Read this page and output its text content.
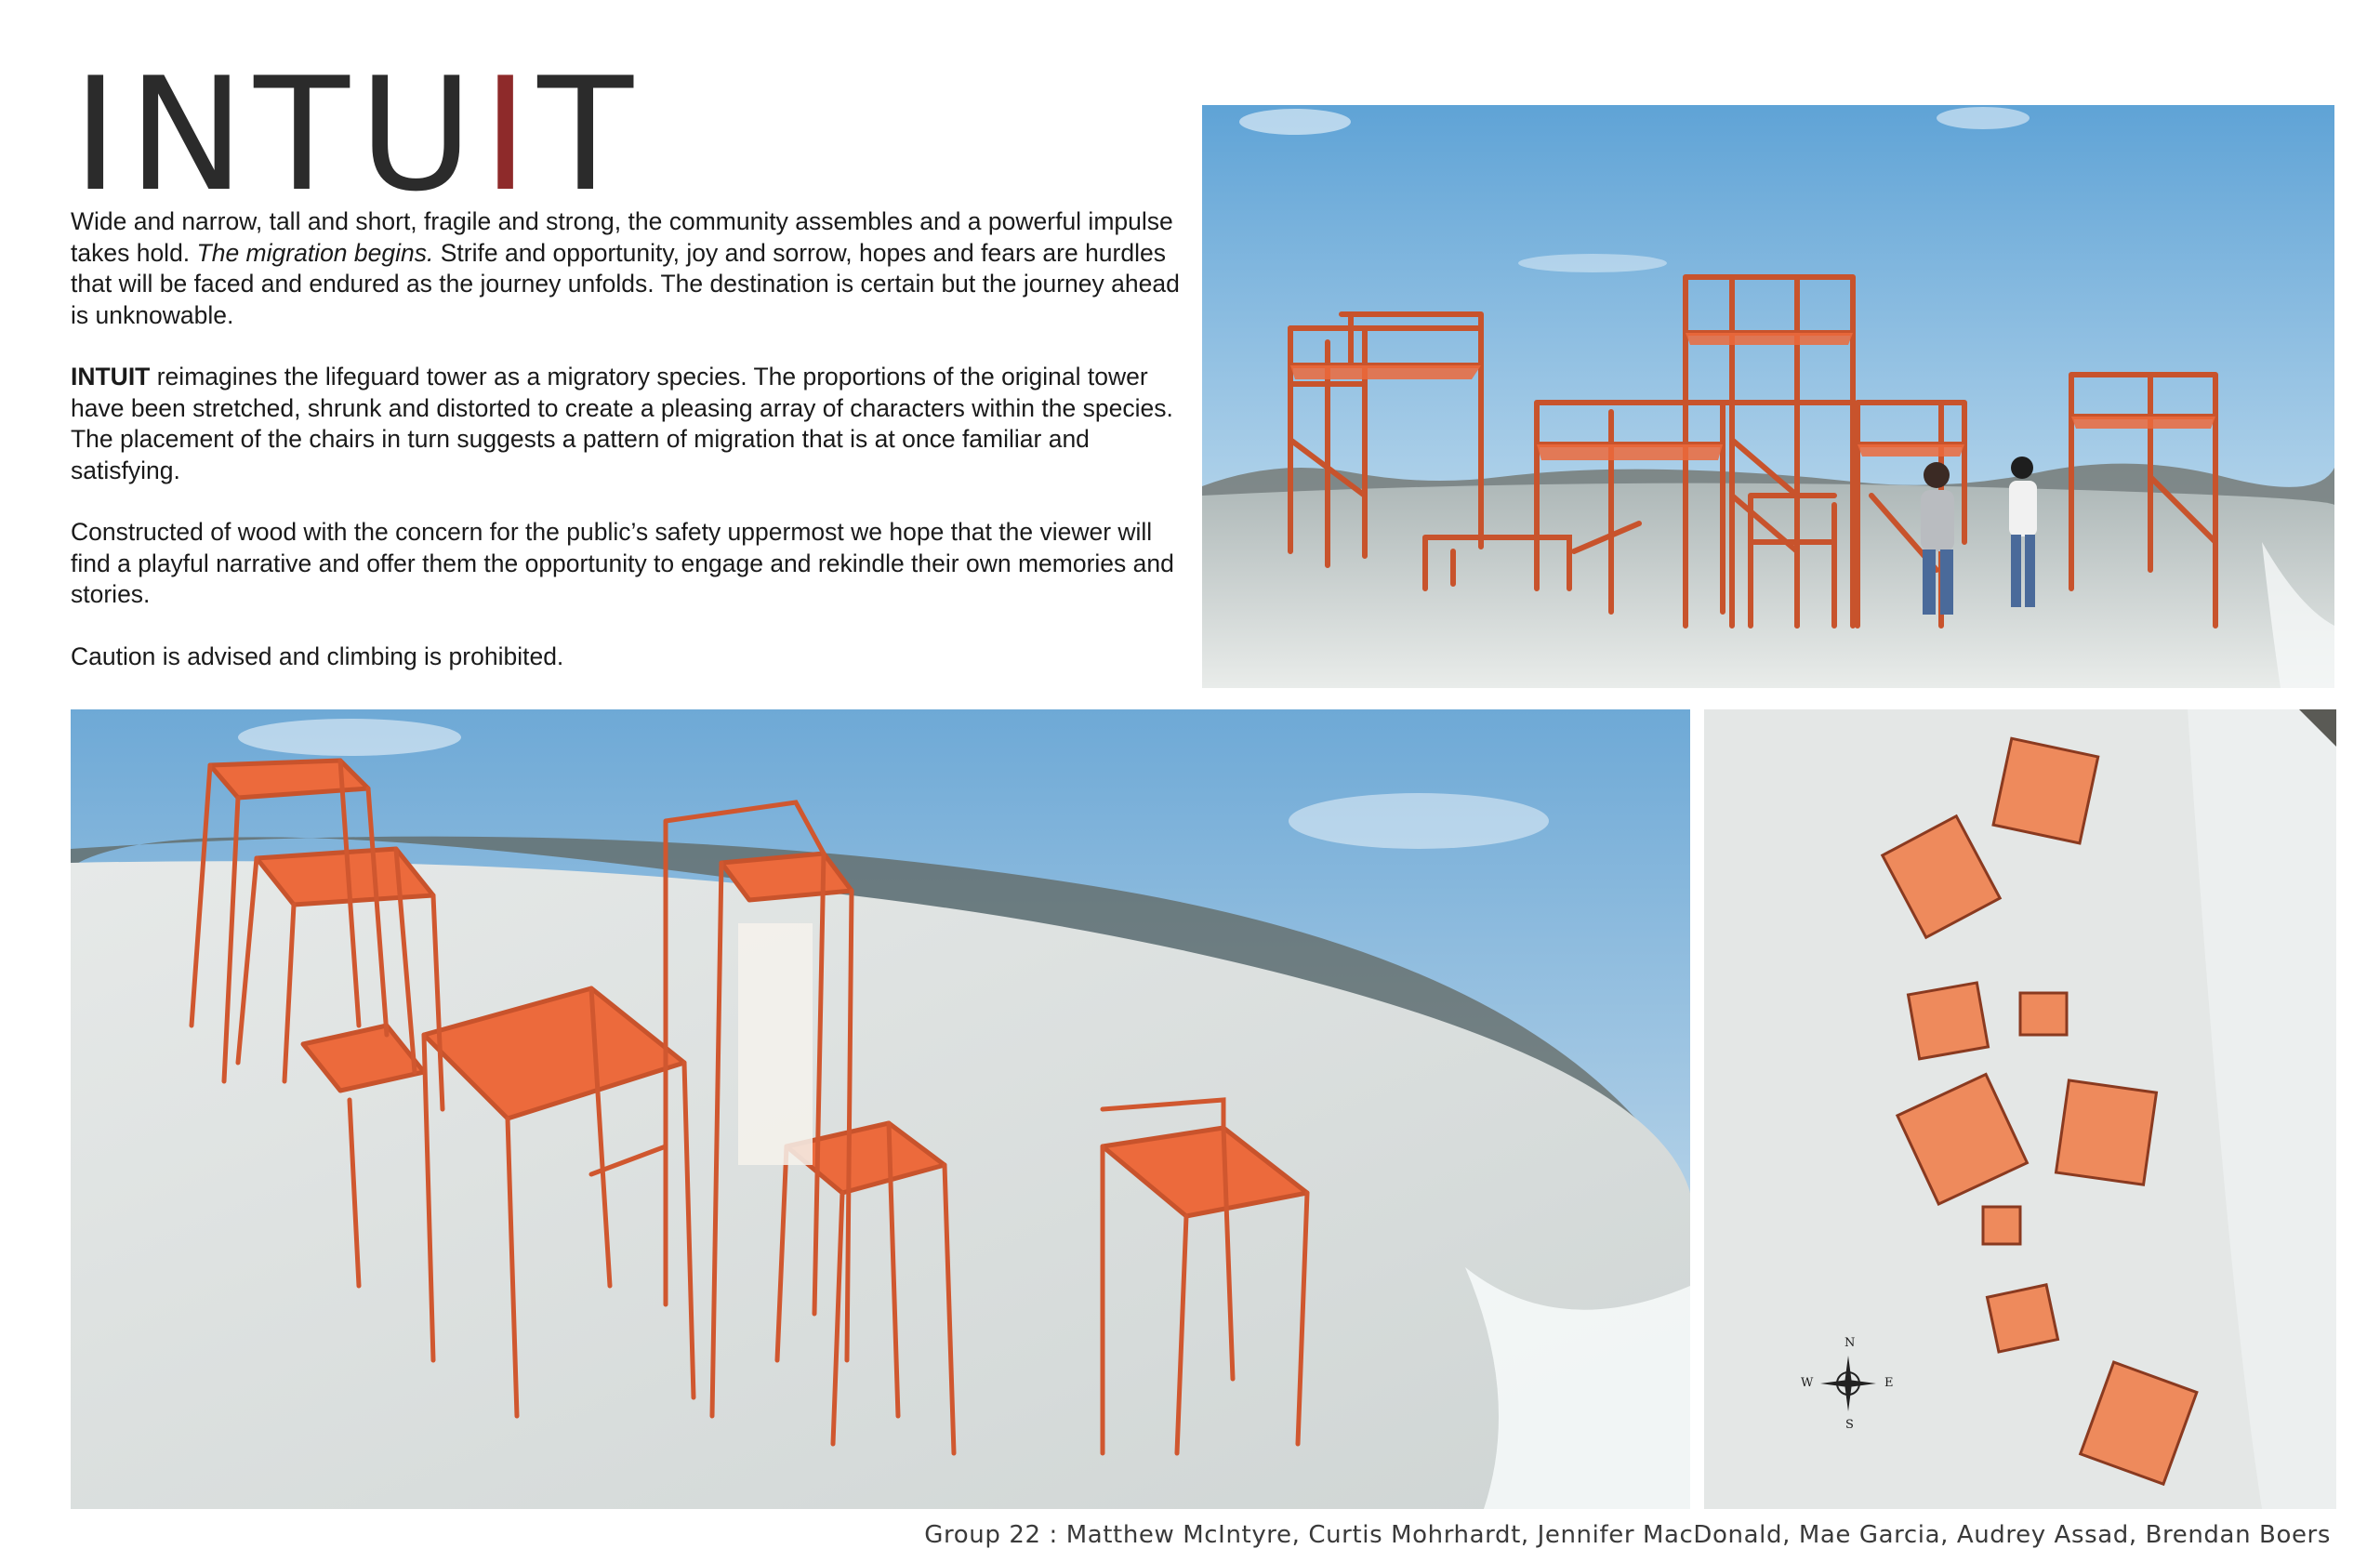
INTUIT

Wide and narrow, tall and short, fragile and strong, the community assembles and a powerful impulse takes hold. The migration begins. Strife and opportunity, joy and sorrow, hopes and fears are hurdles that will be faced and endured as the journey unfolds. The destination is certain but the journey ahead is unknowable.

INTUIT reimagines the lifeguard tower as a migratory species. The proportions of the original tower have been stretched, shrunk and distorted to create a pleasing array of characters within the species. The placement of the chairs in turn suggests a pattern of migration that is at once familiar and satisfying.

Constructed of wood with the concern for the public’s safety uppermost we hope that the viewer will find a playful narrative and offer them the opportunity to engage and rekindle their own memories and stories.

Caution is advised and climbing is prohibited.

N
S
E
W
Group 22 : Matthew McIntyre, Curtis Mohrhardt, Jennifer MacDonald, Mae Garcia, Audrey Assad, Brendan Boers
